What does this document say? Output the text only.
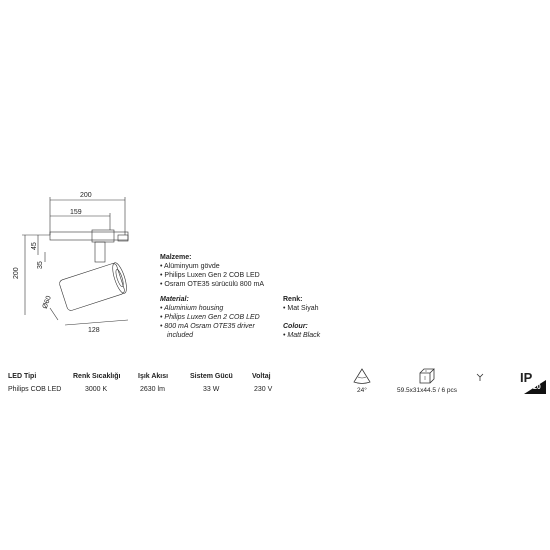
200
159
200
45
35
Ø60
128
Malzeme:
• Alüminyum gövde
• Philips Luxen Gen 2 COB LED
• Osram OTE35 sürücülü 800 mA
Material:
• Aluminium housing
• Philips Luxen Gen 2 COB LED
• 800 mA Osram OTE35 driver
included
Renk:
• Mat Siyah
Colour:
• Matt Black
LED Tipi	Renk Sıcaklığı	Işık Akısı	Sistem Gücü	Voltaj
Philips COB LED	3000 K	2630 lm	33 W	230 V	24°	59.5x31x44.5 / 6 pcs
IP
20
